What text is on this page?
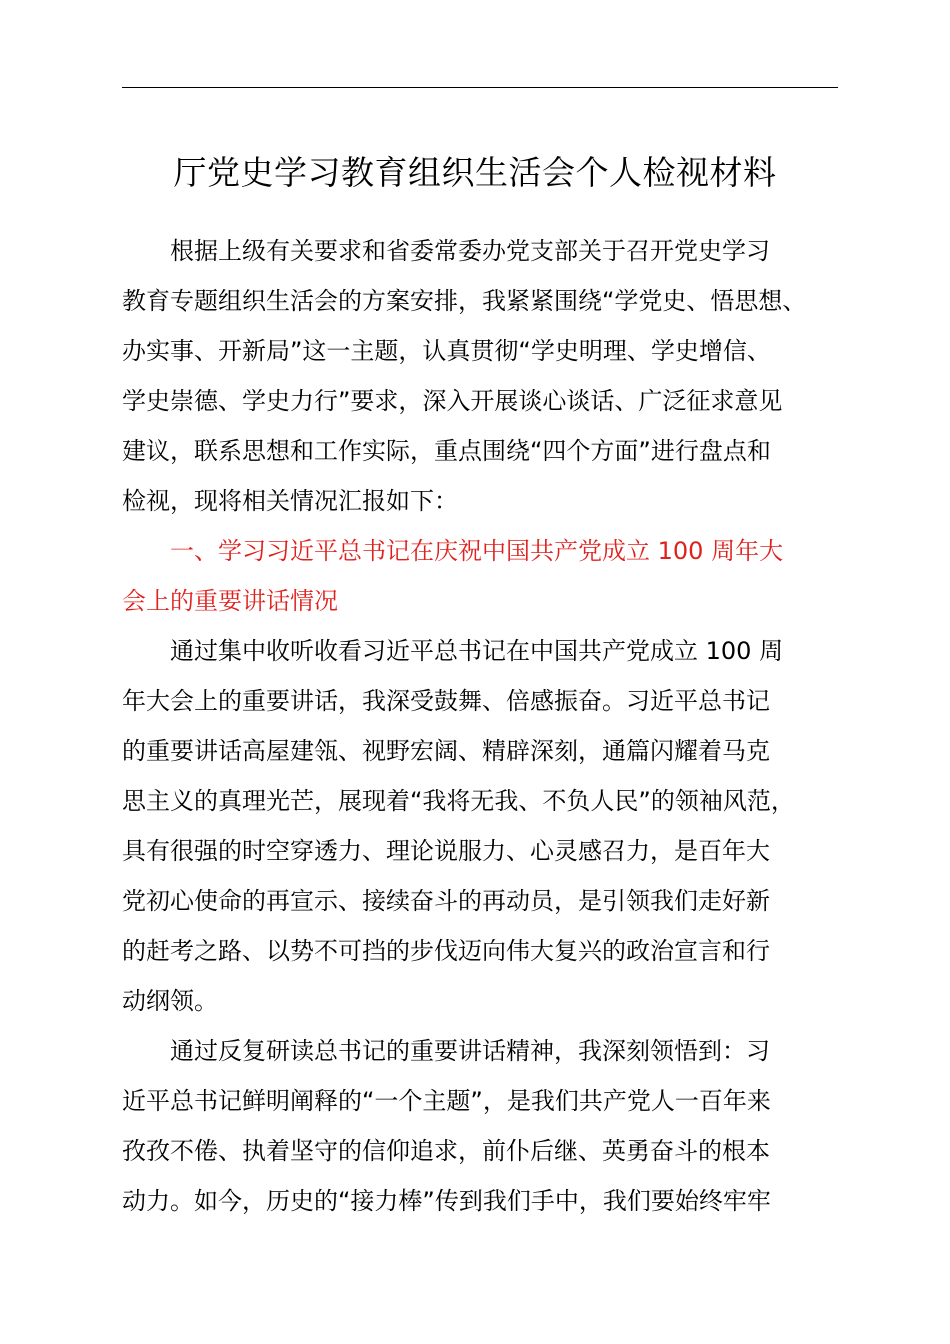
厅党史学习教育组织生活会个人检视材料

根据上级有关要求和省委常委办党支部关于召开党史学习
教育专题组织生活会的方案安排，我紧紧围绕“学党史、悟思想、
办实事、开新局”这一主题，认真贯彻“学史明理、学史增信、
学史崇德、学史力行”要求，深入开展谈心谈话、广泛征求意见
建议，联系思想和工作实际，重点围绕“四个方面”进行盘点和
检视，现将相关情况汇报如下：

一、学习习近平总书记在庆祝中国共产党成立 100 周年大
会上的重要讲话情况

通过集中收听收看习近平总书记在中国共产党成立 100 周
年大会上的重要讲话，我深受鼓舞、倍感振奋。习近平总书记
的重要讲话高屋建瓴、视野宏阔、精辟深刻，通篇闪耀着马克
思主义的真理光芒，展现着“我将无我、不负人民”的领袖风范，
具有很强的时空穿透力、理论说服力、心灵感召力，是百年大
党初心使命的再宣示、接续奋斗的再动员，是引领我们走好新
的赶考之路、以势不可挡的步伐迈向伟大复兴的政治宣言和行
动纲领。

通过反复研读总书记的重要讲话精神，我深刻领悟到：习
近平总书记鲜明阐释的“一个主题”，是我们共产党人一百年来
孜孜不倦、执着坚守的信仰追求，前仆后继、英勇奋斗的根本
动力。如今，历史的“接力棒”传到我们手中，我们要始终牢牢
